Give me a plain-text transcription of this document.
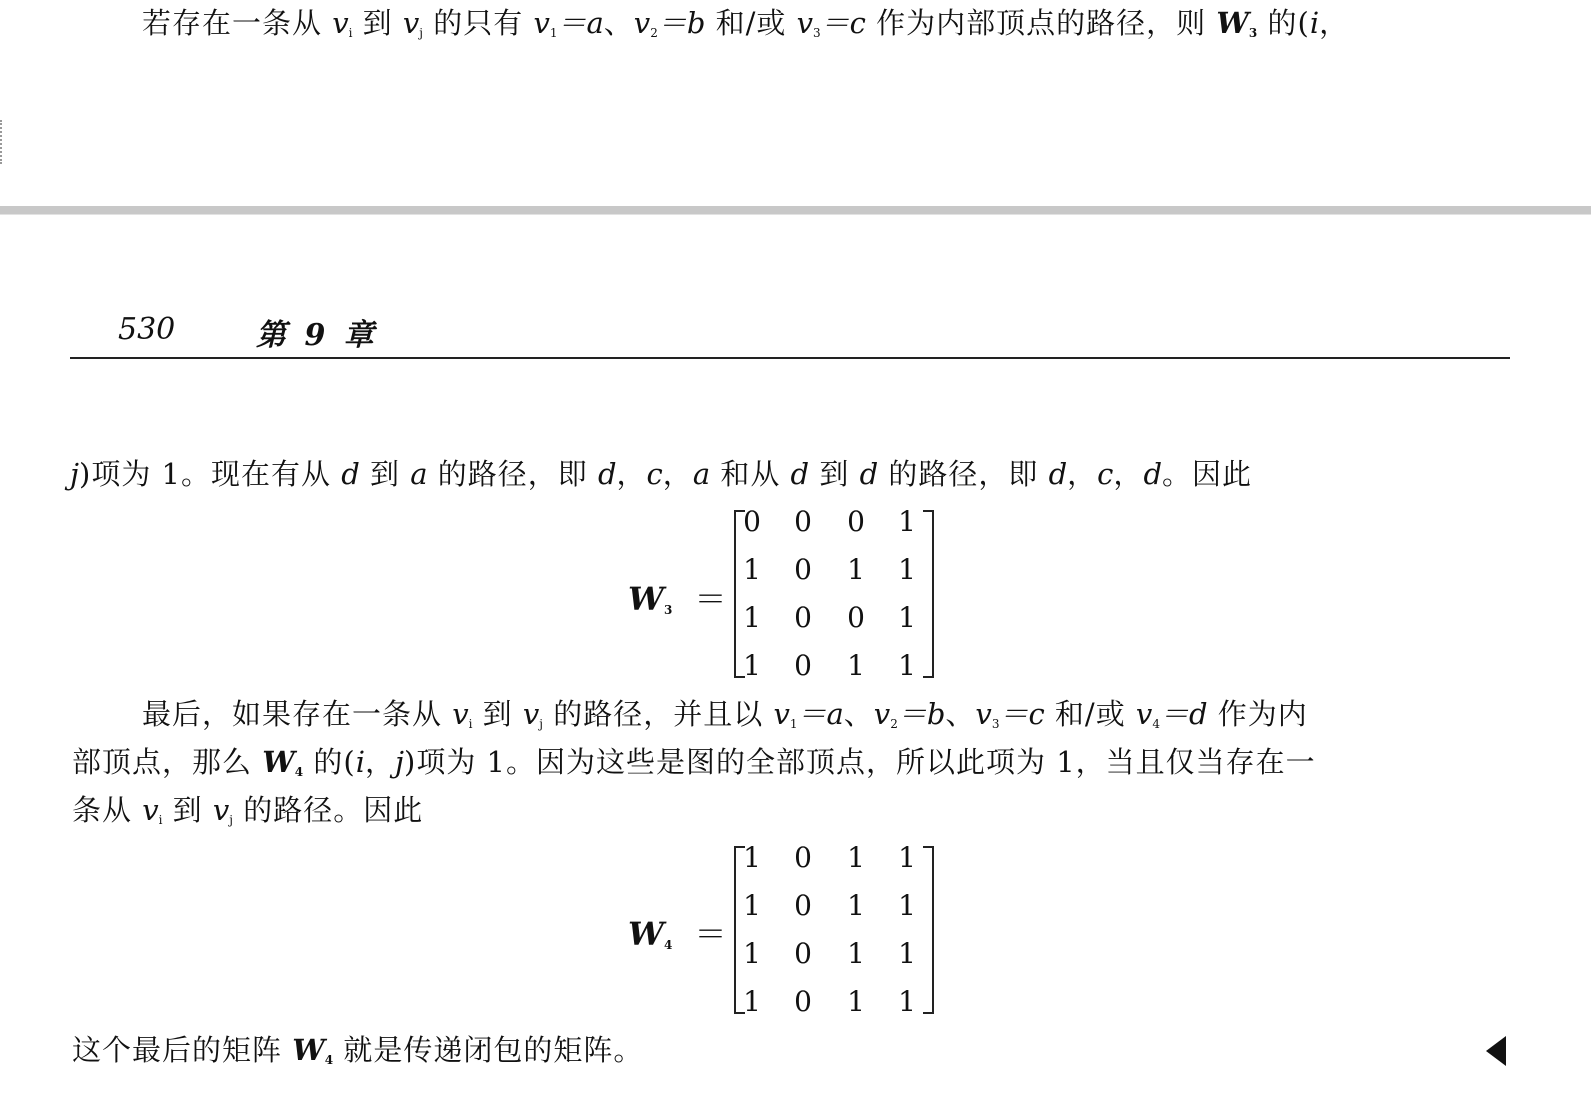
若存在一条从 $v_i$ 到 $v_j$ 的只有 $v_1=a$、$v_2=b$ 和/或 $v_3=c$ 作为内部顶点的路径，则 $W_3$ 的(i，
530	第 9 章
j)项为 1。现在有从 d 到 a 的路径，即 d，c，a 和从 d 到 d 的路径，即 d，c，d。因此
$W_3$ ＝
0 0 0 1
1 0 1 1
1 0 0 1
1 0 1 1
最后，如果存在一条从 $v_i$ 到 $v_j$ 的路径，并且以 $v_1=a$、$v_2=b$、$v_3=c$ 和/或 $v_4=d$ 作为内
部顶点，那么 $W_4$ 的(i，j)项为 1。因为这些是图的全部顶点，所以此项为 1，当且仅当存在一
条从 $v_i$ 到 $v_j$ 的路径。因此
$W_4$ ＝
1 0 1 1
1 0 1 1
1 0 1 1
1 0 1 1
这个最后的矩阵 $W_4$ 就是传递闭包的矩阵。
